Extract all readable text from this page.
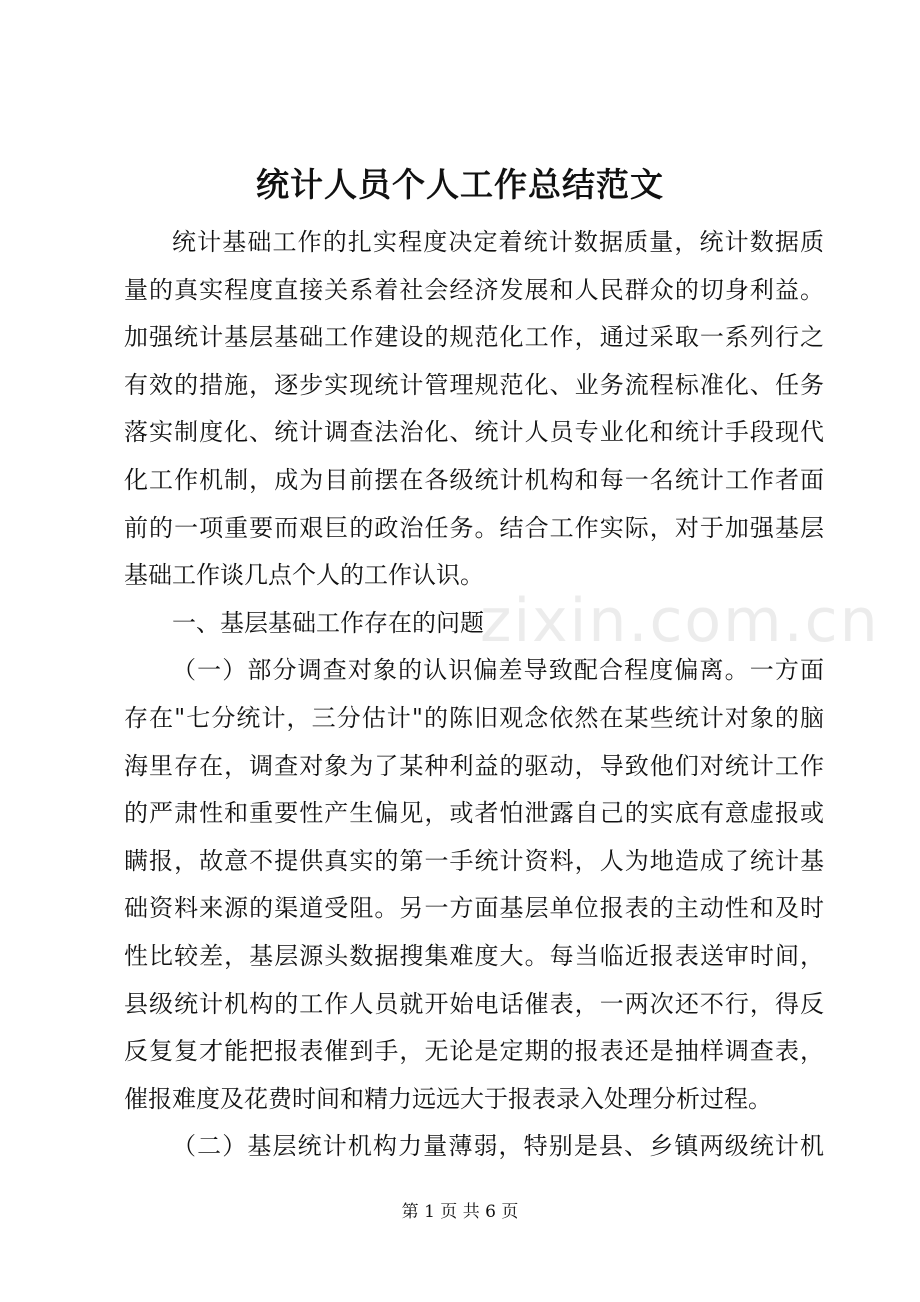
统计人员个人工作总结范文
统计基础工作的扎实程度决定着统计数据质量，统计数据质
量的真实程度直接关系着社会经济发展和人民群众的切身利益。
加强统计基层基础工作建设的规范化工作，通过采取一系列行之
有效的措施，逐步实现统计管理规范化、业务流程标准化、任务
落实制度化、统计调查法治化、统计人员专业化和统计手段现代
化工作机制，成为目前摆在各级统计机构和每一名统计工作者面
前的一项重要而艰巨的政治任务。结合工作实际，对于加强基层
基础工作谈几点个人的工作认识。
一、基层基础工作存在的问题
（一）部分调查对象的认识偏差导致配合程度偏离。一方面
存在"七分统计，三分估计"的陈旧观念依然在某些统计对象的脑
海里存在，调查对象为了某种利益的驱动，导致他们对统计工作
的严肃性和重要性产生偏见，或者怕泄露自己的实底有意虚报或
瞒报，故意不提供真实的第一手统计资料，人为地造成了统计基
础资料来源的渠道受阻。另一方面基层单位报表的主动性和及时
性比较差，基层源头数据搜集难度大。每当临近报表送审时间，
县级统计机构的工作人员就开始电话催表，一两次还不行，得反
反复复才能把报表催到手，无论是定期的报表还是抽样调查表，
催报难度及花费时间和精力远远大于报表录入处理分析过程。
（二）基层统计机构力量薄弱，特别是县、乡镇两级统计机
zixin.com.cn
第 1 页 共 6 页
